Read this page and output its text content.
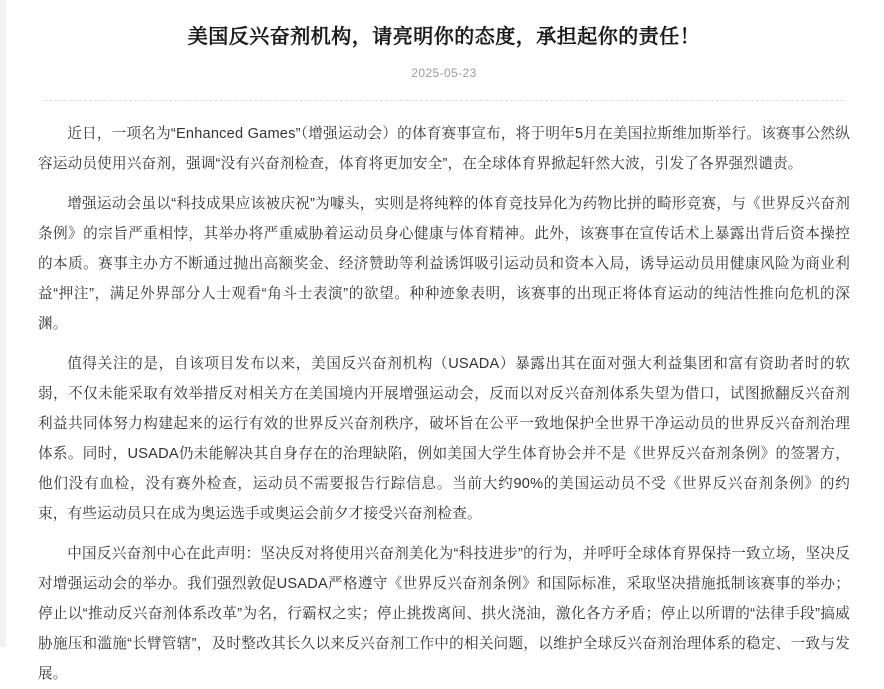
美国反兴奋剂机构，请亮明你的态度，承担起你的责任！

2025-05-23

近日，一项名为“Enhanced Games”（增强运动会）的体育赛事宣布，将于明年5月在美国拉斯维加斯举行。该赛事公然纵容运动员使用兴奋剂，强调“没有兴奋剂检查，体育将更加安全”，在全球体育界掀起轩然大波，引发了各界强烈谴责。

增强运动会虽以“科技成果应该被庆祝”为噱头，实则是将纯粹的体育竞技异化为药物比拼的畸形竞赛，与《世界反兴奋剂条例》的宗旨严重相悖，其举办将严重威胁着运动员身心健康与体育精神。此外，该赛事在宣传话术上暴露出背后资本操控的本质。赛事主办方不断通过抛出高额奖金、经济赞助等利益诱饵吸引运动员和资本入局，诱导运动员用健康风险为商业利益“押注”，满足外界部分人士观看“角斗士表演”的欲望。种种迹象表明，该赛事的出现正将体育运动的纯洁性推向危机的深渊。

值得关注的是，自该项目发布以来，美国反兴奋剂机构（USADA）暴露出其在面对强大利益集团和富有资助者时的软弱，不仅未能采取有效举措反对相关方在美国境内开展增强运动会，反而以对反兴奋剂体系失望为借口，试图掀翻反兴奋剂利益共同体努力构建起来的运行有效的世界反兴奋剂秩序，破坏旨在公平一致地保护全世界干净运动员的世界反兴奋剂治理体系。同时，USADA仍未能解决其自身存在的治理缺陷，例如美国大学生体育协会并不是《世界反兴奋剂条例》的签署方，他们没有血检，没有赛外检查，运动员不需要报告行踪信息。当前大约90%的美国运动员不受《世界反兴奋剂条例》的约束，有些运动员只在成为奥运选手或奥运会前夕才接受兴奋剂检查。

中国反兴奋剂中心在此声明：坚决反对将使用兴奋剂美化为“科技进步”的行为，并呼吁全球体育界保持一致立场，坚决反对增强运动会的举办。我们强烈敦促USADA严格遵守《世界反兴奋剂条例》和国际标准，采取坚决措施抵制该赛事的举办；停止以“推动反兴奋剂体系改革”为名，行霸权之实；停止挑拨离间、拱火浇油，激化各方矛盾；停止以所谓的“法律手段”搞威胁施压和滥施“长臂管辖”，及时整改其长久以来反兴奋剂工作中的相关问题，以维护全球反兴奋剂治理体系的稳定、一致与发展。
